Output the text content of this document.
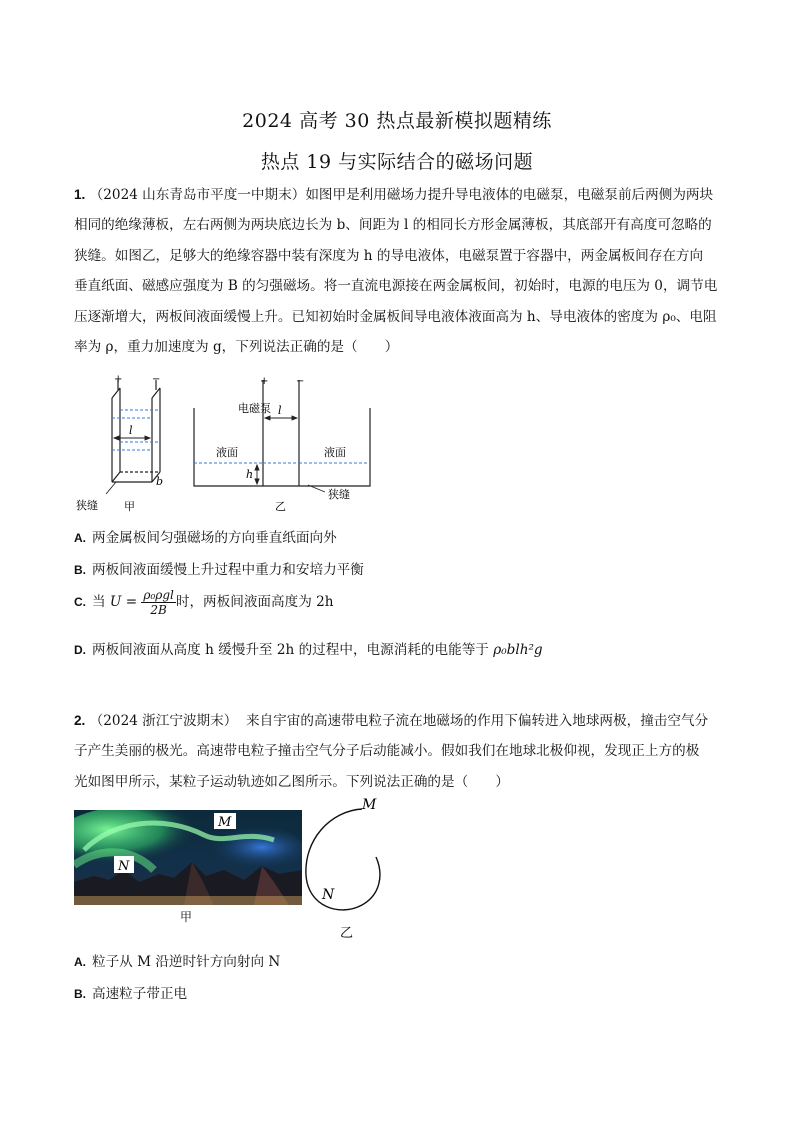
2024 高考 30 热点最新模拟题精练
热点 19 与实际结合的磁场问题
1. （2024 山东青岛市平度一中期末）如图甲是利用磁场力提升导电液体的电磁泵，电磁泵前后两侧为两块
相同的绝缘薄板，左右两侧为两块底边长为 b、间距为 l 的相同长方形金属薄板，其底部开有高度可忽略的
狭缝。如图乙，足够大的绝缘容器中装有深度为 h 的导电液体，电磁泵置于容器中，两金属板间存在方向
垂直纸面、磁感应强度为 B 的匀强磁场。将一直流电源接在两金属板间，初始时，电源的电压为 0，调节电
压逐渐增大，两板间液面缓慢上升。已知初始时金属板间导电液体液面高为 h、导电液体的密度为 ρ₀、电阻
率为 ρ，重力加速度为 g，下列说法正确的是（　　）
l
b
+	−
狭缝 甲
l
h
+	−
电磁泵
液面	液面
狭缝
乙
A. 两金属板间匀强磁场的方向垂直纸面向外
B. 两板间液面缓慢上升过程中重力和安培力平衡
C. 当 $U = \frac{\text{ρ₀ρgl}}{2B}$ 时，两板间液面高度为 2h
D. 两板间液面从高度 h 缓慢升至 2h 的过程中，电源消耗的电能等于 ρ₀blh²g
2. （2024 浙江宁波期末） 来自宇宙的高速带电粒子流在地磁场的作用下偏转进入地球两极，撞击空气分
子产生美丽的极光。高速带电粒子撞击空气分子后动能减小。假如我们在地球北极仰视，发现正上方的极
光如图甲所示，某粒子运动轨迹如乙图所示。下列说法正确的是（　　）
M
N
甲
M
N
乙
A. 粒子从 M 沿逆时针方向射向 N
B. 高速粒子带正电
